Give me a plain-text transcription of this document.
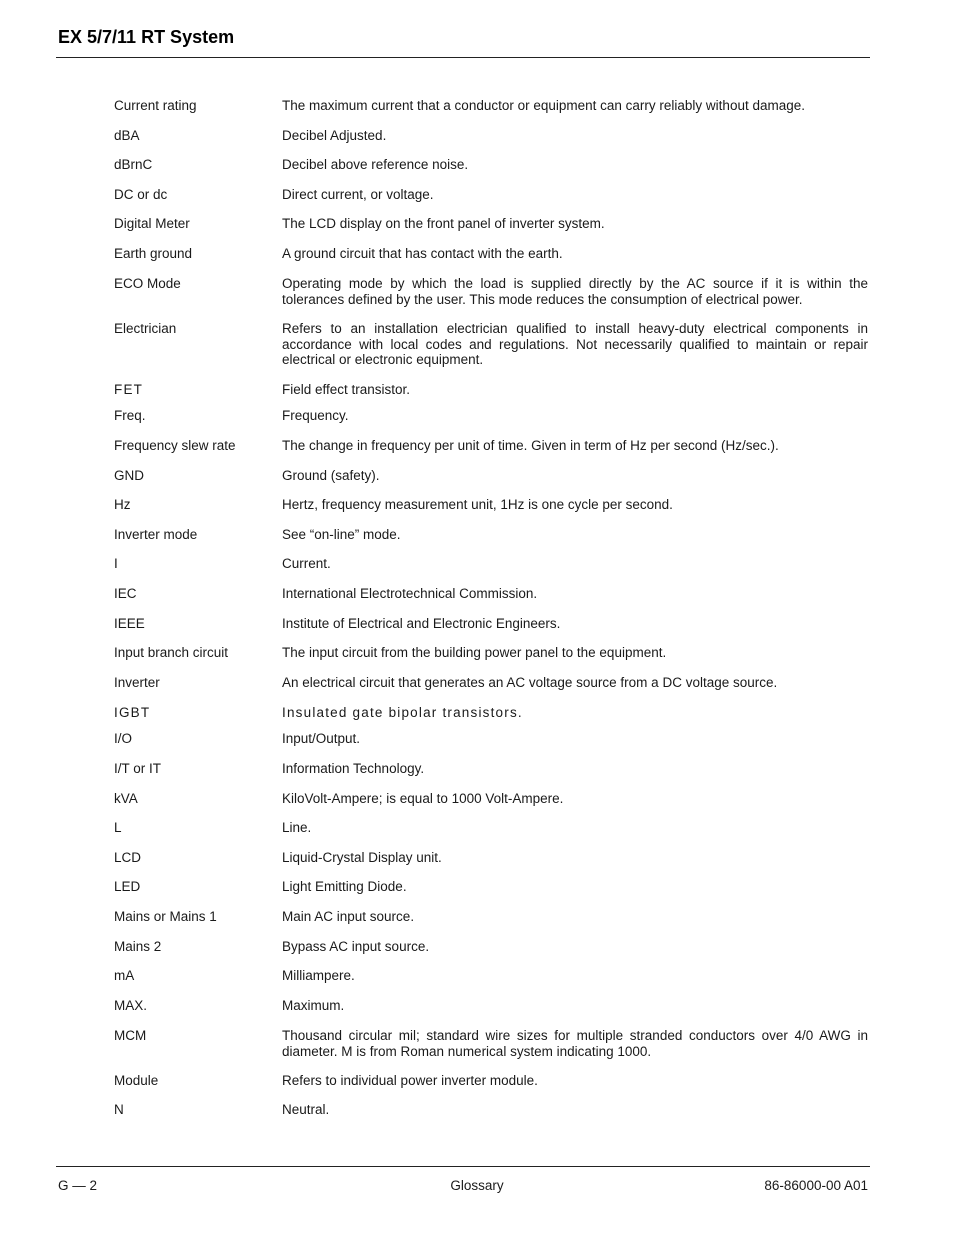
EX 5/7/11 RT System
Current rating	The maximum current that a conductor or equipment can carry reliably without damage.
dBA	Decibel Adjusted.
dBrnC	Decibel above reference noise.
DC or dc	Direct current, or voltage.
Digital Meter	The LCD display on the front panel of inverter system.
Earth ground	A ground circuit that has contact with the earth.
ECO Mode	Operating mode by which the load is supplied directly by the AC source if it is within the tolerances defined by the user. This mode reduces the consumption of electrical power.
Electrician	Refers to an installation electrician qualified to install heavy-duty electrical components in accordance with local codes and regulations. Not necessarily qualified to maintain or repair electrical or electronic equipment.
FET	Field effect transistor.
Freq.	Frequency.
Frequency slew rate	The change in frequency per unit of time. Given in term of Hz per second (Hz/sec.).
GND	Ground (safety).
Hz	Hertz, frequency measurement unit, 1Hz is one cycle per second.
Inverter mode	See “on-line” mode.
I	Current.
IEC	International Electrotechnical Commission.
IEEE	Institute of Electrical and Electronic Engineers.
Input branch circuit	The input circuit from the building power panel to the equipment.
Inverter	An electrical circuit that generates an AC voltage source from a DC voltage source.
IGBT	Insulated gate bipolar transistors.
I/O	Input/Output.
I/T or IT	Information Technology.
kVA	KiloVolt-Ampere; is equal to 1000 Volt-Ampere.
L	Line.
LCD	Liquid-Crystal Display unit.
LED	Light Emitting Diode.
Mains or Mains 1	Main AC input source.
Mains 2	Bypass AC input source.
mA	Milliampere.
MAX.	Maximum.
MCM	Thousand circular mil; standard wire sizes for multiple stranded conductors over 4/0 AWG in diameter. M is from Roman numerical system indicating 1000.
Module	Refers to individual power inverter module.
N	Neutral.
G — 2	Glossary	86-86000-00 A01
